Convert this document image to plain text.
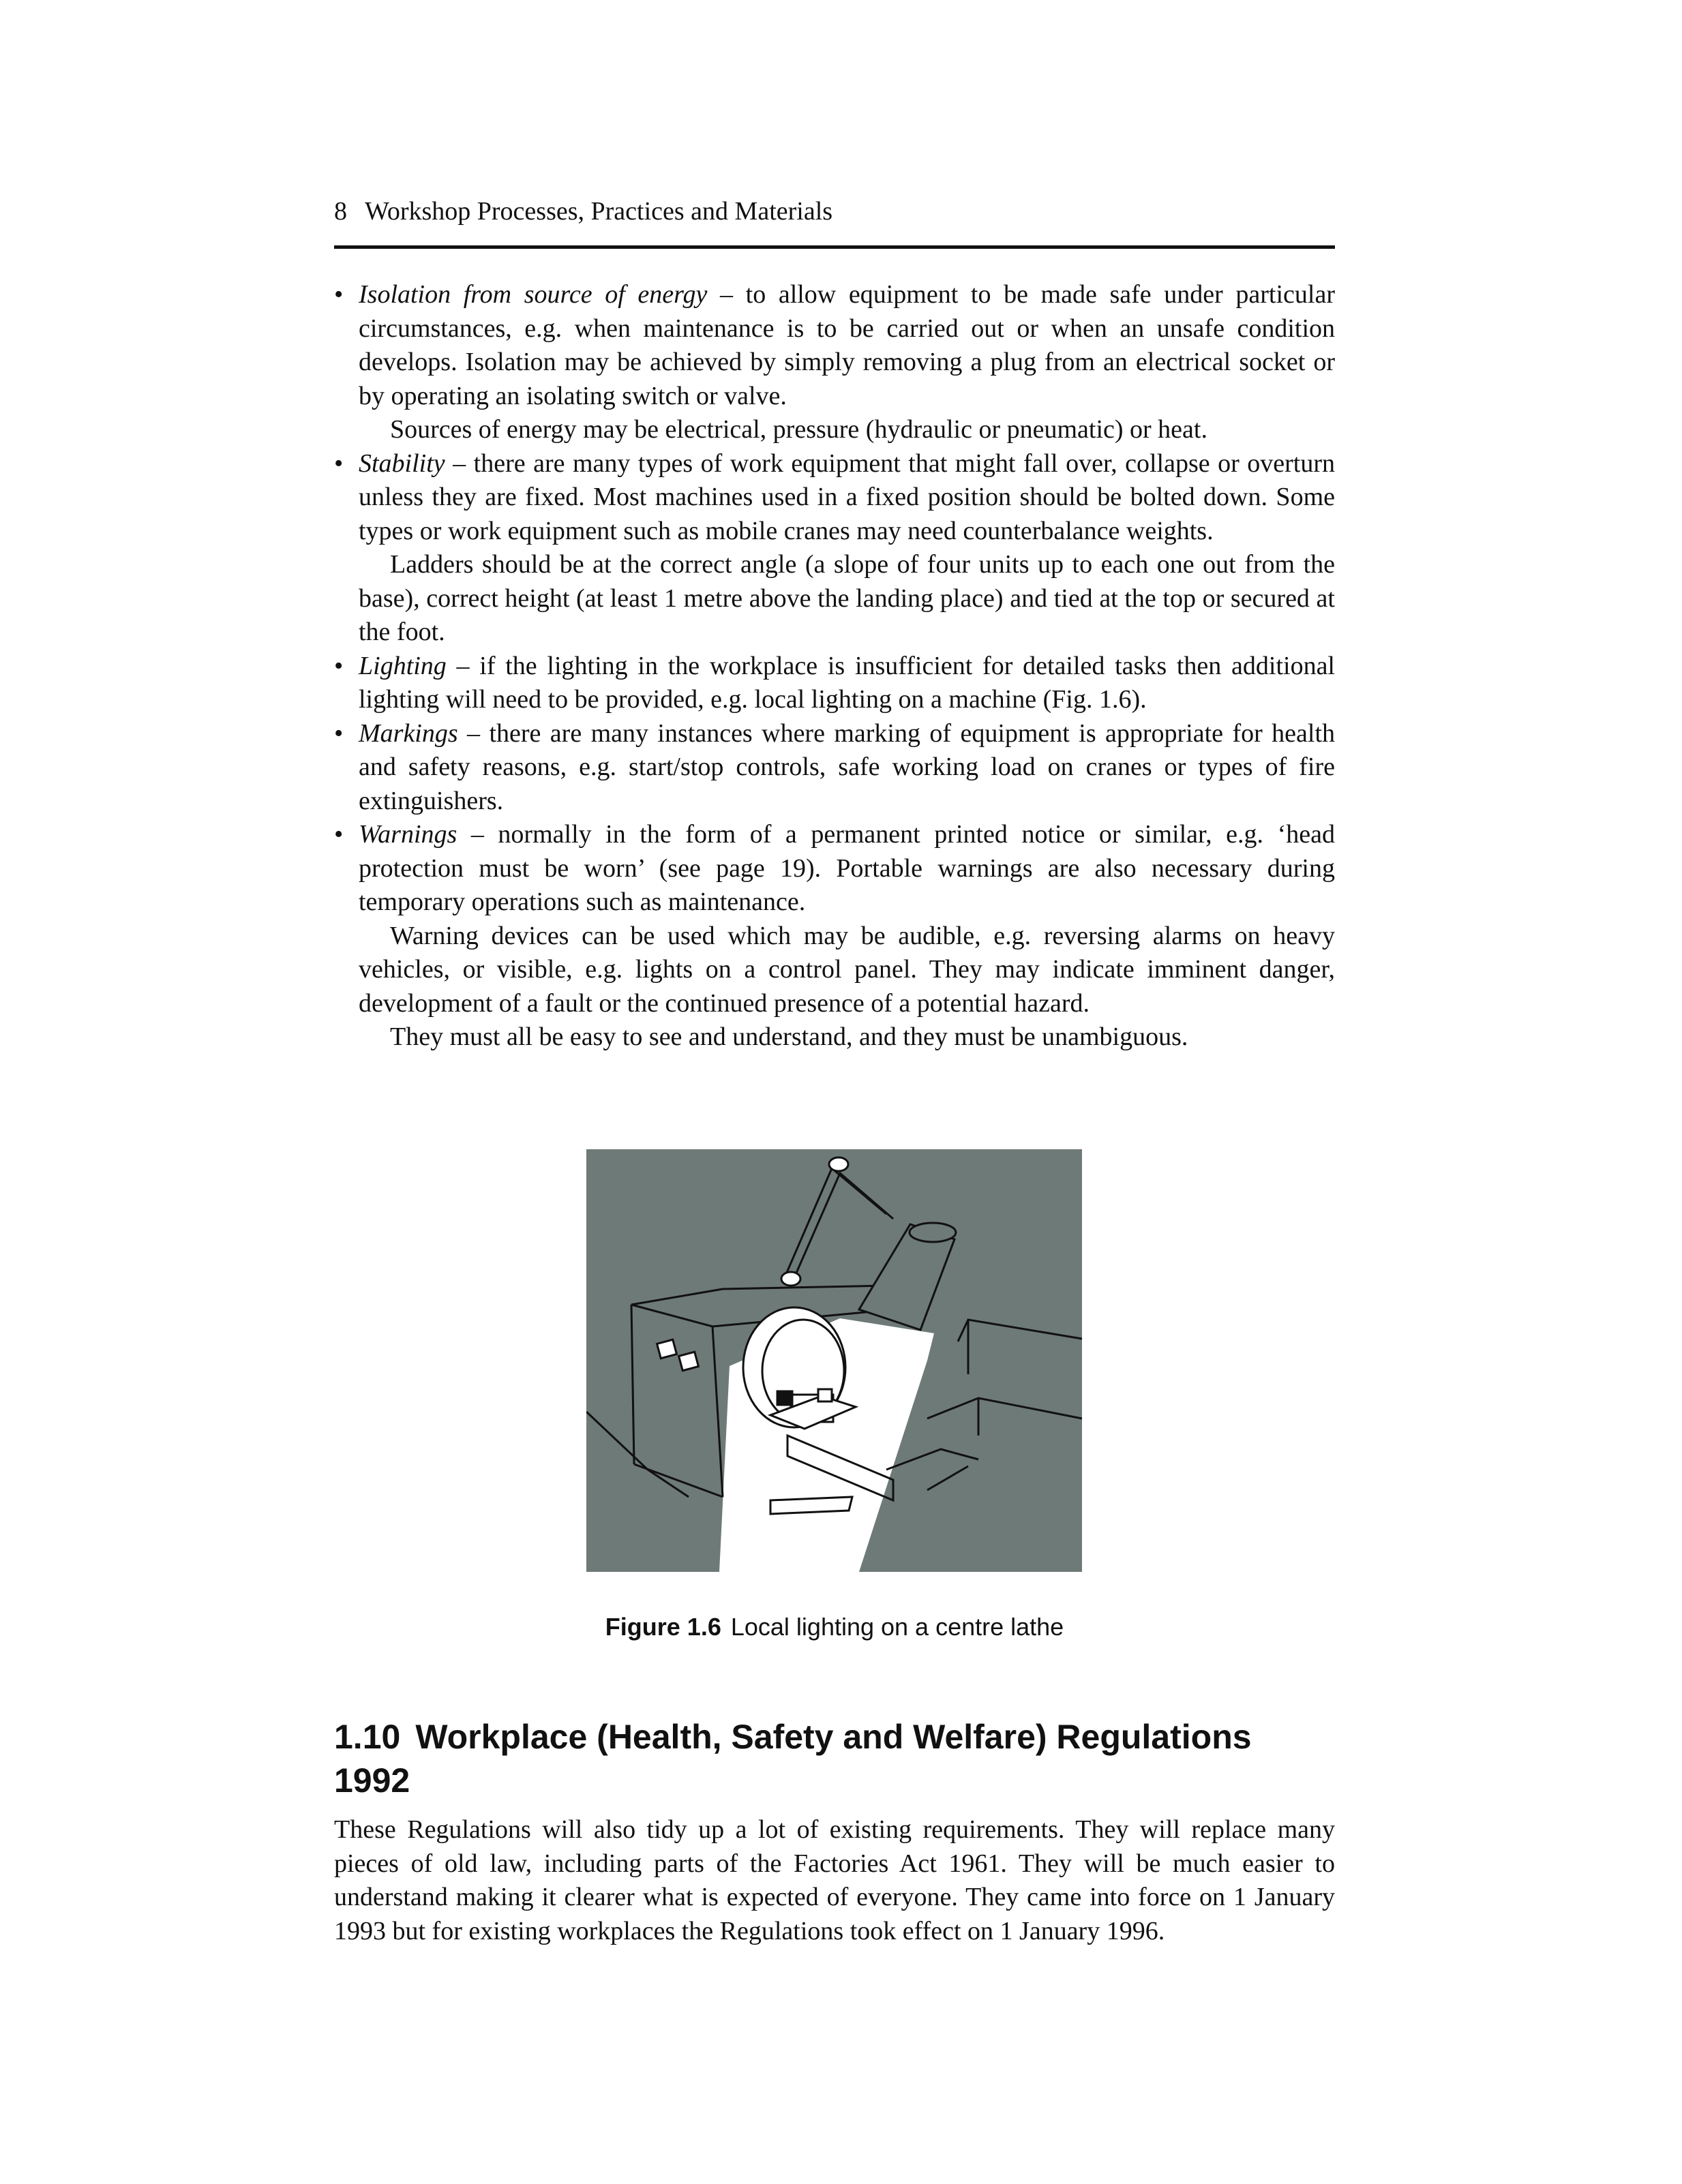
8 Workshop Processes, Practices and Materials
• Isolation from source of energy – to allow equipment to be made safe under particular circumstances, e.g. when maintenance is to be carried out or when an unsafe condition develops. Isolation may be achieved by simply removing a plug from an electrical socket or by operating an isolating switch or valve.

Sources of energy may be electrical, pressure (hydraulic or pneumatic) or heat.

• Stability – there are many types of work equipment that might fall over, collapse or overturn unless they are fixed. Most machines used in a fixed position should be bolted down. Some types or work equipment such as mobile cranes may need counterbalance weights.

Ladders should be at the correct angle (a slope of four units up to each one out from the base), correct height (at least 1 metre above the landing place) and tied at the top or secured at the foot.

• Lighting – if the lighting in the workplace is insufficient for detailed tasks then additional lighting will need to be provided, e.g. local lighting on a machine (Fig. 1.6).

• Markings – there are many instances where marking of equipment is appropriate for health and safety reasons, e.g. start/stop controls, safe working load on cranes or types of fire extinguishers.

• Warnings – normally in the form of a permanent printed notice or similar, e.g. ‘head protection must be worn’ (see page 19). Portable warnings are also necessary during temporary operations such as maintenance.

Warning devices can be used which may be audible, e.g. reversing alarms on heavy vehicles, or visible, e.g. lights on a control panel. They may indicate imminent danger, development of a fault or the continued presence of a potential hazard.

They must all be easy to see and understand, and they must be unambiguous.

Figure 1.6 Local lighting on a centre lathe
1.10 Workplace (Health, Safety and Welfare) Regulations 1992

These Regulations will also tidy up a lot of existing requirements. They will replace many pieces of old law, including parts of the Factories Act 1961. They will be much easier to understand making it clearer what is expected of everyone. They came into force on 1 January 1993 but for existing workplaces the Regulations took effect on 1 January 1996.
